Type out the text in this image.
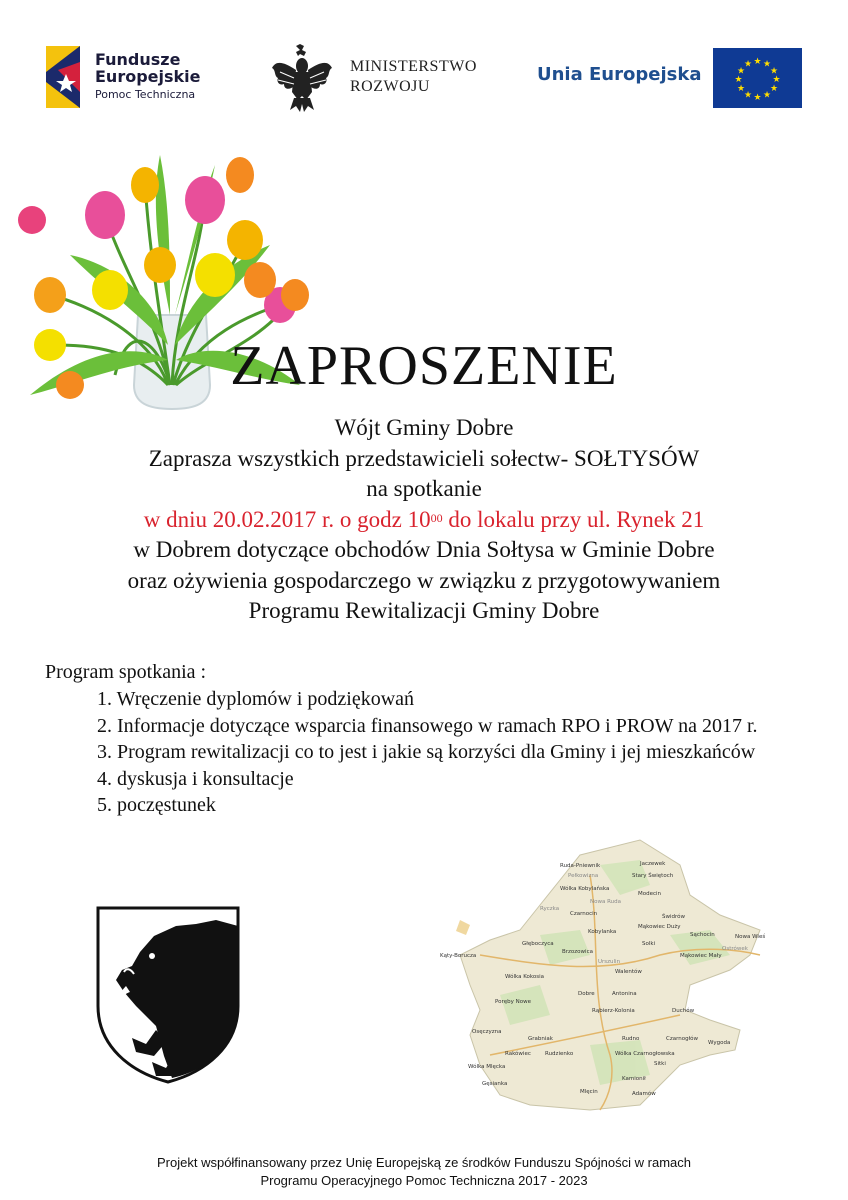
Fundusze
Europejskie
Pomoc Techniczna
MINISTERSTWO
ROZWOJU
Unia Europejska
★ ★
★
★
★
★
★
★
★
★
★
★
ZAPROSZENIE
Wójt Gminy Dobre
Zaprasza wszystkich przedstawicieli sołectw- SOŁTYSÓW
na spotkanie
w dniu 20.02.2017 r. o godz $10^{00}$ do lokalu przy ul. Rynek 21
w Dobrem dotyczące obchodów Dnia Sołtysa w Gminie Dobre
oraz ożywienia gospodarczego w związku z przygotowywaniem
Programu Rewitalizacji Gminy Dobre
Program spotkania :
1. Wręczenie dyplomów i podziękowań
2. Informacje dotyczące wsparcia finansowego w ramach RPO i PROW na 2017 r.
3. Program rewitalizacji co to jest i jakie są korzyści dla Gminy i jej mieszkańców
4. dyskusja i konsultacje
5. poczęstunek
Jaczewek
Ruda-Pniewnik
Pełkowizna	Stary Świętoch
Wólka Kobylańska
Modecin
Ryczka
Nowa Ruda
Czarnocin	Świdrów
Mąkowiec Duży
Kobylanka	Sąchocin	Nowa Wieś
Głęboczyca
Brzozowica
Solki
Urszulin
Mąkowiec Mały
Ostrówek
Kąty-Borucza
Walentów
Wólka Kokosia
Dobre	Antonina
Poręby Nowe
Rąbierz-Kolonia	Duchów
Osęczyzna
Grabniak	Rudno	Czarnogłów
Wygoda
Rakówiec	Rudzienko	Wólka Czarnogłowska
Wólka Mlęcka
Kamionił
Gęsianka
Mlęcin	Adamów
Sitki
Projekt współfinansowany przez Unię Europejską ze środków Funduszu Spójności w ramach
Programu Operacyjnego Pomoc Techniczna 2017 - 2023
